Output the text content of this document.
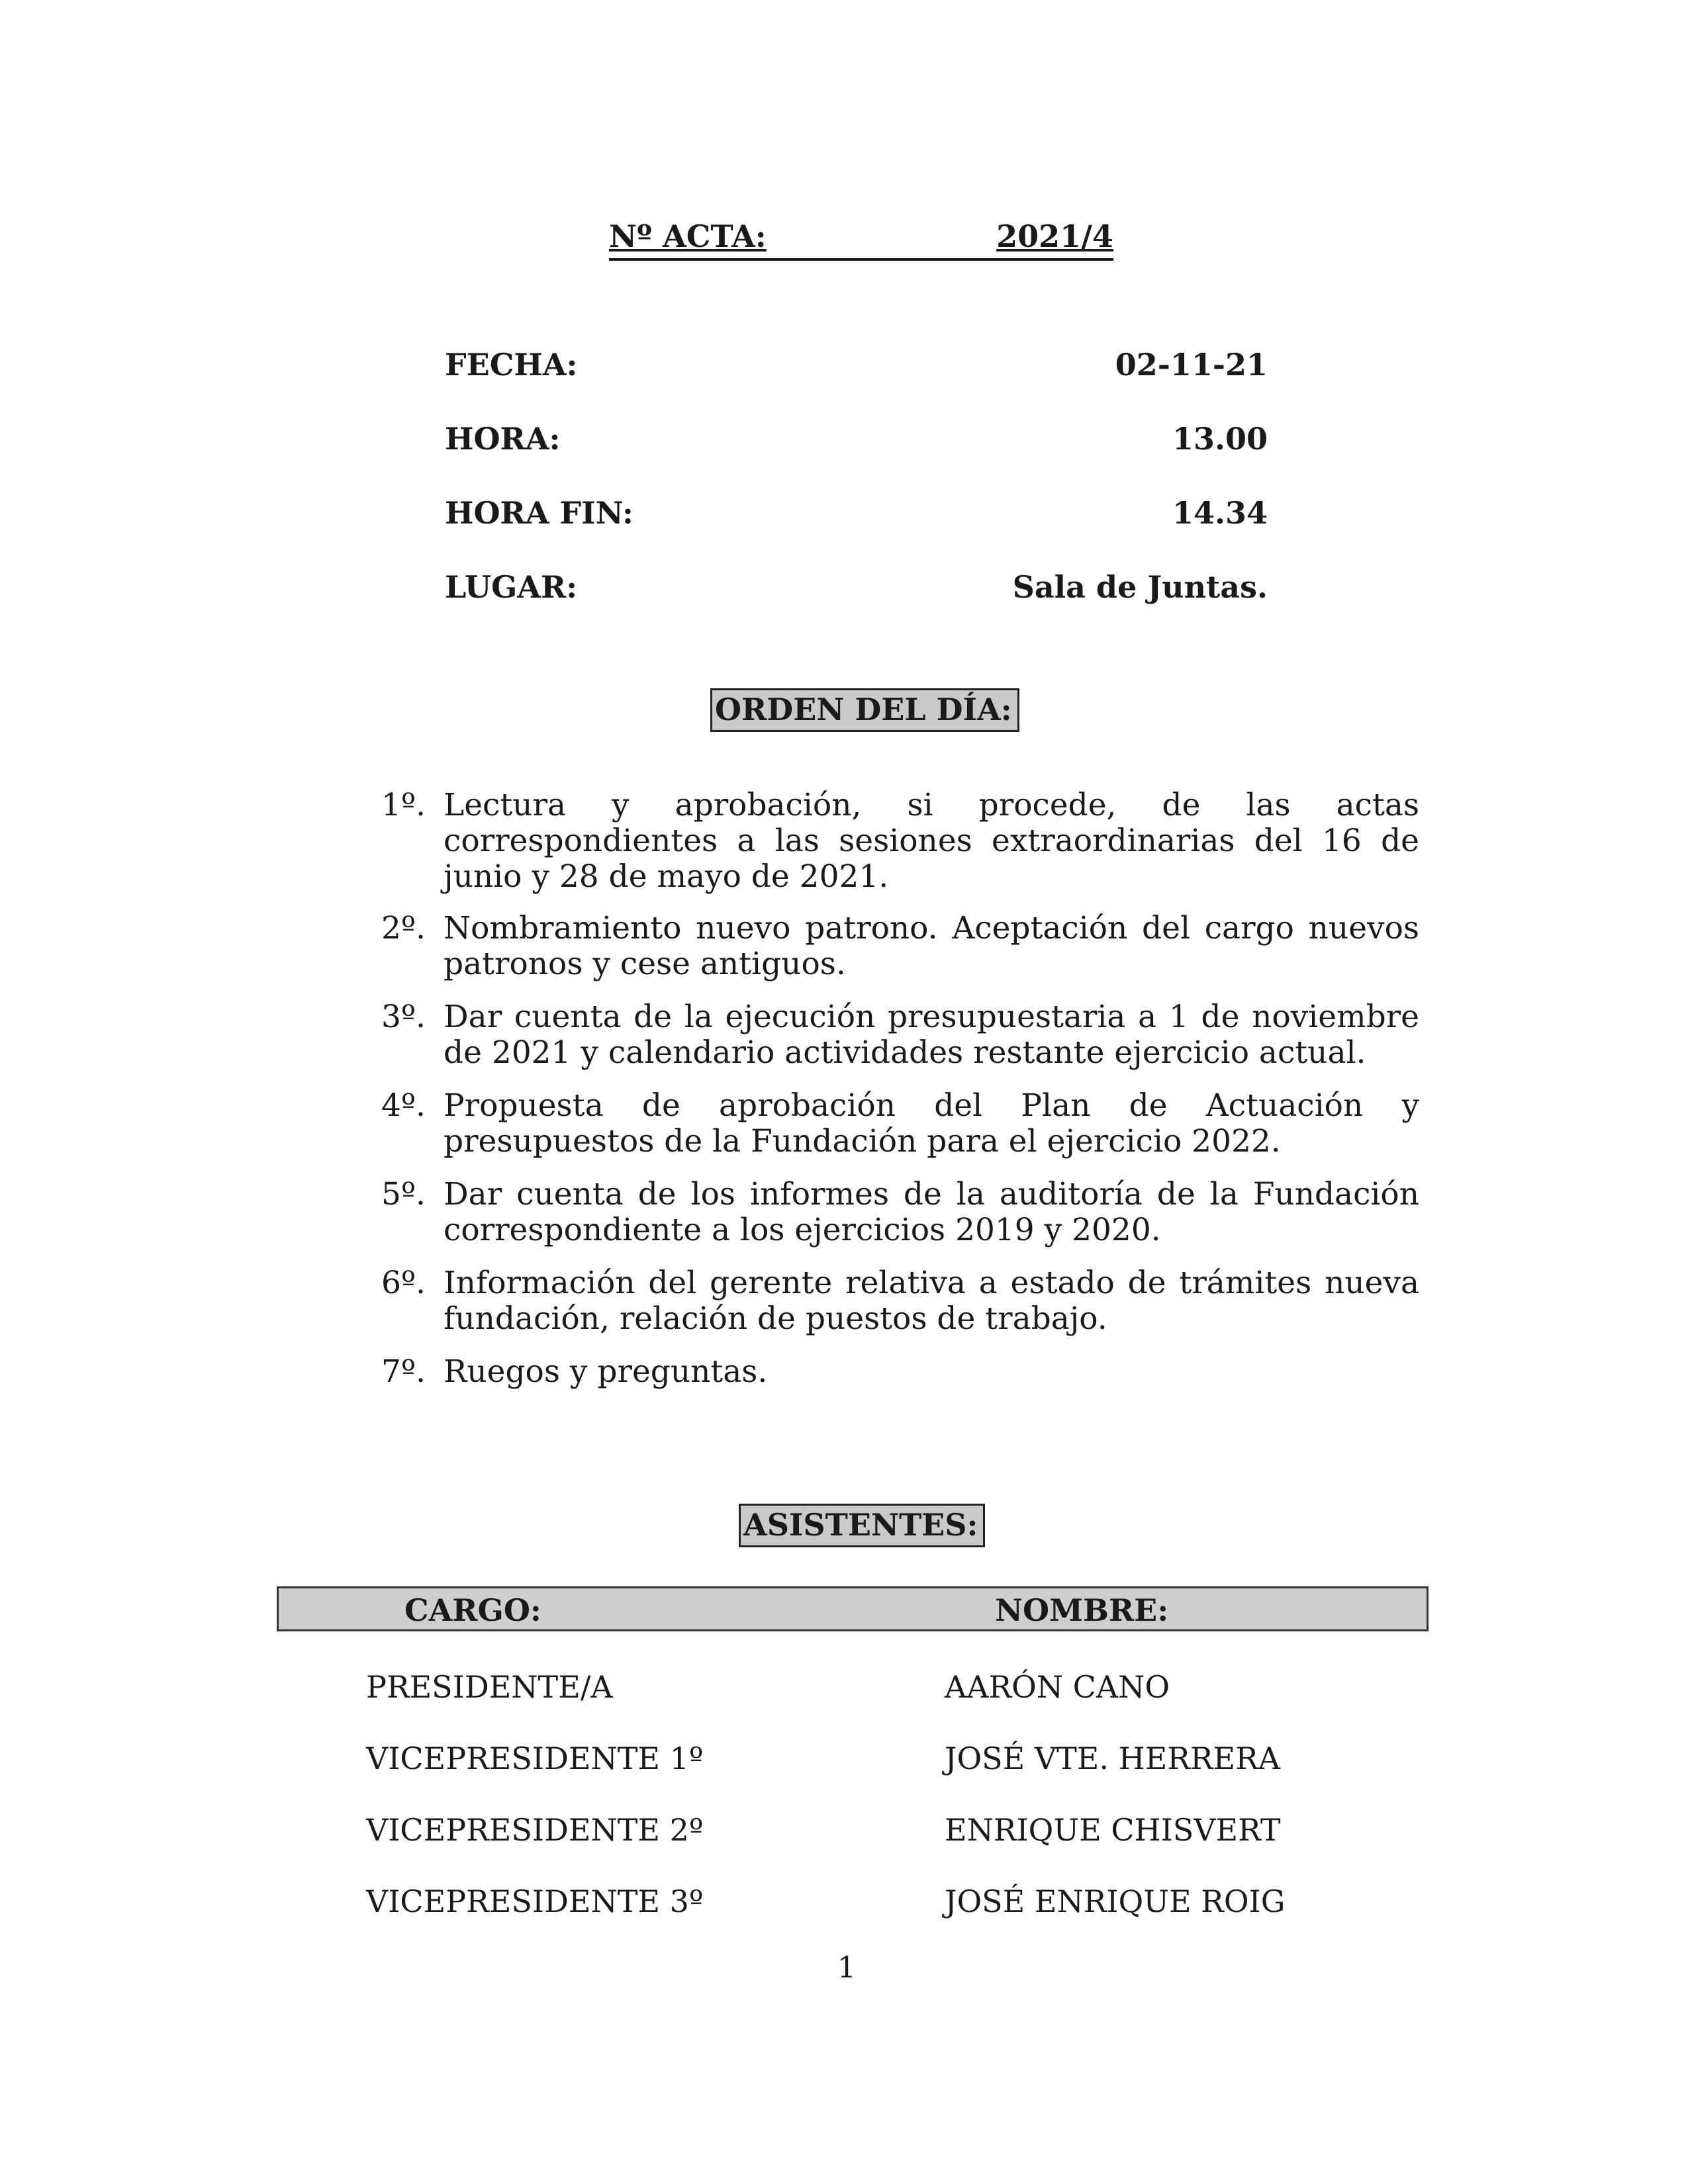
Nº ACTA:	2021/4
FECHA:	02-11-21
HORA:	13.00
HORA FIN:	14.34
LUGAR:	Sala de Juntas.
ORDEN DEL DÍA:
1º. Lectura y aprobación, si procede, de las actas correspondientes a las sesiones extraordinarias del 16 de junio y 28 de mayo de 2021.
2º. Nombramiento nuevo patrono. Aceptación del cargo nuevos patronos y cese antiguos.
3º. Dar cuenta de la ejecución presupuestaria a 1 de noviembre de 2021 y calendario actividades restante ejercicio actual.
4º. Propuesta de aprobación del Plan de Actuación y presupuestos de la Fundación para el ejercicio 2022.
5º. Dar cuenta de los informes de la auditoría de la Fundación correspondiente a los ejercicios 2019 y 2020.
6º. Información del gerente relativa a estado de trámites nueva fundación, relación de puestos de trabajo.
7º. Ruegos y preguntas.
ASISTENTES:
CARGO:	NOMBRE:
PRESIDENTE/A	AARÓN CANO
VICEPRESIDENTE 1º	JOSÉ VTE. HERRERA
VICEPRESIDENTE 2º	ENRIQUE CHISVERT
VICEPRESIDENTE 3º	JOSÉ ENRIQUE ROIG
1
